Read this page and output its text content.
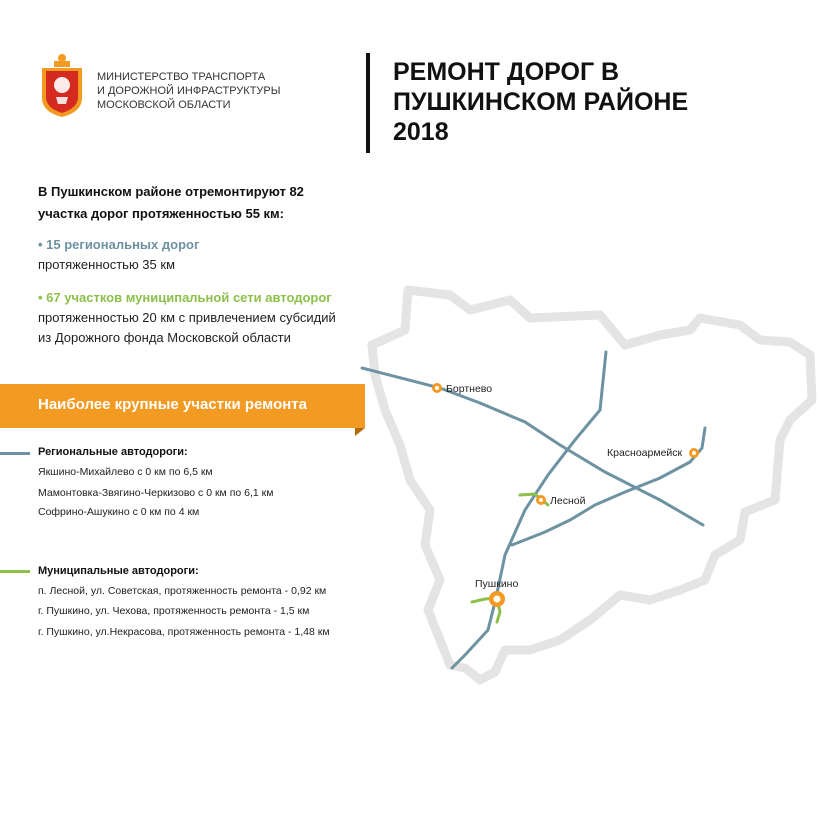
МИНИСТЕРСТВО ТРАНСПОРТА
И ДОРОЖНОЙ ИНФРАСТРУКТУРЫ
МОСКОВСКОЙ ОБЛАСТИ
РЕМОНТ ДОРОГ В
ПУШКИНСКОМ РАЙОНЕ
2018
В Пушкинском районе отремонтируют 82
участка дорог протяженностью 55 км:
• 15 региональных дорог
протяженностью 35 км
• 67 участков муниципальной сети автодорог
протяженностью 20 км с привлечением субсидий
из Дорожного фонда Московской области
Наиболее крупные участки ремонта
Региональные автодороги:
Якшино-Михайлево с 0 км по 6,5 км
Мамонтовка-Звягино-Черкизово с 0 км по 6,1 км
Софрино-Ашукино с 0 км по 4 км
Муниципальные автодороги:
п. Лесной, ул. Советская, протяженность ремонта - 0,92 км
г. Пушкино, ул. Чехова, протяженность ремонта - 1,5 км
г. Пушкино, ул.Некрасова, протяженность ремонта - 1,48 км
Бортнево
Красноармейск
Лесной
Пушкино
